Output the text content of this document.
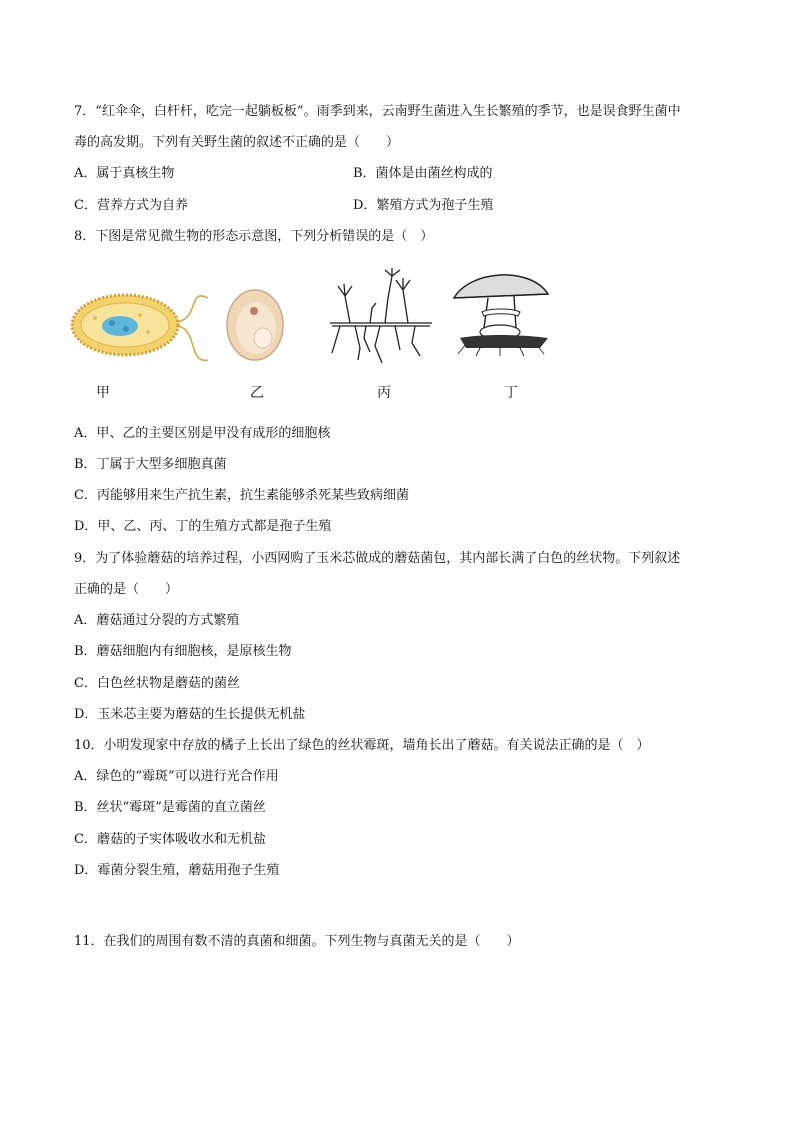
7．“红伞伞，白杆杆，吃完一起躺板板”。雨季到来，云南野生菌进入生长繁殖的季节，也是误食野生菌中
毒的高发期。下列有关野生菌的叙述不正确的是（　　）
A．属于真核生物	B．菌体是由菌丝构成的
C．营养方式为自养	D．繁殖方式为孢子生殖
8．下图是常见微生物的形态示意图，下列分析错误的是（　）
甲	乙	丙	丁
A．甲、乙的主要区别是甲没有成形的细胞核
B．丁属于大型多细胞真菌
C．丙能够用来生产抗生素，抗生素能够杀死某些致病细菌
D．甲、乙、丙、丁的生殖方式都是孢子生殖
9．为了体验蘑菇的培养过程，小西网购了玉米芯做成的蘑菇菌包，其内部长满了白色的丝状物。下列叙述
正确的是（　　）
A．蘑菇通过分裂的方式繁殖
B．蘑菇细胞内有细胞核，是原核生物
C．白色丝状物是蘑菇的菌丝
D．玉米芯主要为蘑菇的生长提供无机盐
10．小明发现家中存放的橘子上长出了绿色的丝状霉斑，墙角长出了蘑菇。有关说法正确的是（　）
A．绿色的“霉斑”可以进行光合作用
B．丝状“霉斑”是霉菌的直立菌丝
C．蘑菇的子实体吸收水和无机盐
D．霉菌分裂生殖，蘑菇用孢子生殖
11．在我们的周围有数不清的真菌和细菌。下列生物与真菌无关的是（　　）
